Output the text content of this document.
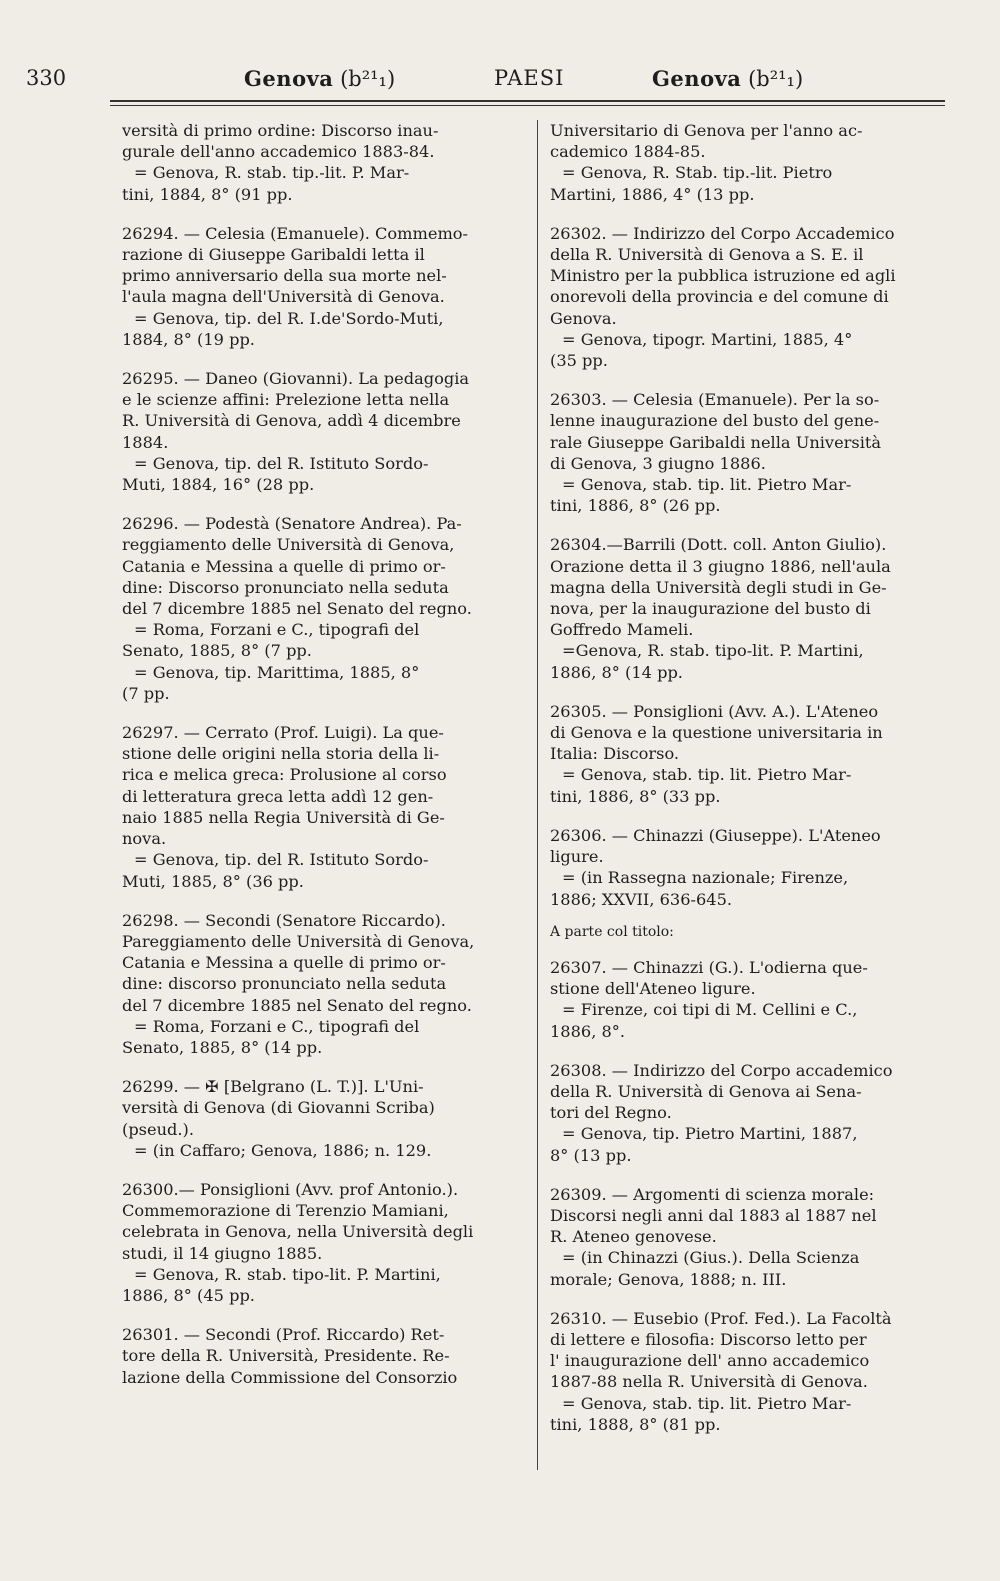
330	Genova (b²¹₁)	PAESI	Genova (b²¹₁)
versità di primo ordine: Discorso inau-
gurale dell'anno accademico 1883-84.
= Genova, R. stab. tip.-lit. P. Mar-
tini, 1884, 8° (91 pp.
26294. — Celesia (Emanuele). Commemo-
razione di Giuseppe Garibaldi letta il
primo anniversario della sua morte nel-
l'aula magna dell'Università di Genova.
= Genova, tip. del R. I.de'Sordo-Muti,
1884, 8° (19 pp.
26295. — Daneo (Giovanni). La pedagogia
e le scienze affini: Prelezione letta nella
R. Università di Genova, addì 4 dicembre
1884.
= Genova, tip. del R. Istituto Sordo-
Muti, 1884, 16° (28 pp.
26296. — Podestà (Senatore Andrea). Pa-
reggiamento delle Università di Genova,
Catania e Messina a quelle di primo or-
dine: Discorso pronunciato nella seduta
del 7 dicembre 1885 nel Senato del regno.
= Roma, Forzani e C., tipografi del
Senato, 1885, 8° (7 pp.
= Genova, tip. Marittima, 1885, 8°
(7 pp.
26297. — Cerrato (Prof. Luigi). La que-
stione delle origini nella storia della li-
rica e melica greca: Prolusione al corso
di letteratura greca letta addì 12 gen-
naio 1885 nella Regia Università di Ge-
nova.
= Genova, tip. del R. Istituto Sordo-
Muti, 1885, 8° (36 pp.
26298. — Secondi (Senatore Riccardo).
Pareggiamento delle Università di Genova,
Catania e Messina a quelle di primo or-
dine: discorso pronunciato nella seduta
del 7 dicembre 1885 nel Senato del regno.
= Roma, Forzani e C., tipografi del
Senato, 1885, 8° (14 pp.
26299. — ✠ [Belgrano (L. T.)]. L'Uni-
versità di Genova (di Giovanni Scriba)
(pseud.).
= (in Caffaro; Genova, 1886; n. 129.
26300.— Ponsiglioni (Avv. prof Antonio.).
Commemorazione di Terenzio Mamiani,
celebrata in Genova, nella Università degli
studi, il 14 giugno 1885.
= Genova, R. stab. tipo-lit. P. Martini,
1886, 8° (45 pp.
26301. — Secondi (Prof. Riccardo) Ret-
tore della R. Università, Presidente. Re-
lazione della Commissione del Consorzio
Universitario di Genova per l'anno ac-
cademico 1884-85.
= Genova, R. Stab. tip.-lit. Pietro
Martini, 1886, 4° (13 pp.
26302. — Indirizzo del Corpo Accademico
della R. Università di Genova a S. E. il
Ministro per la pubblica istruzione ed agli
onorevoli della provincia e del comune di
Genova.
= Genova, tipogr. Martini, 1885, 4°
(35 pp.
26303. — Celesia (Emanuele). Per la so-
lenne inaugurazione del busto del gene-
rale Giuseppe Garibaldi nella Università
di Genova, 3 giugno 1886.
= Genova, stab. tip. lit. Pietro Mar-
tini, 1886, 8° (26 pp.
26304.—Barrili (Dott. coll. Anton Giulio).
Orazione detta il 3 giugno 1886, nell'aula
magna della Università degli studi in Ge-
nova, per la inaugurazione del busto di
Goffredo Mameli.
=Genova, R. stab. tipo-lit. P. Martini,
1886, 8° (14 pp.
26305. — Ponsiglioni (Avv. A.). L'Ateneo
di Genova e la questione universitaria in
Italia: Discorso.
= Genova, stab. tip. lit. Pietro Mar-
tini, 1886, 8° (33 pp.
26306. — Chinazzi (Giuseppe). L'Ateneo
ligure.
= (in Rassegna nazionale; Firenze,
1886; XXVII, 636-645.
A parte col titolo:
26307. — Chinazzi (G.). L'odierna que-
stione dell'Ateneo ligure.
= Firenze, coi tipi di M. Cellini e C.,
1886, 8°.
26308. — Indirizzo del Corpo accademico
della R. Università di Genova ai Sena-
tori del Regno.
= Genova, tip. Pietro Martini, 1887,
8° (13 pp.
26309. — Argomenti di scienza morale:
Discorsi negli anni dal 1883 al 1887 nel
R. Ateneo genovese.
= (in Chinazzi (Gius.). Della Scienza
morale; Genova, 1888; n. III.
26310. — Eusebio (Prof. Fed.). La Facoltà
di lettere e filosofia: Discorso letto per
l' inaugurazione dell' anno accademico
1887-88 nella R. Università di Genova.
= Genova, stab. tip. lit. Pietro Mar-
tini, 1888, 8° (81 pp.
